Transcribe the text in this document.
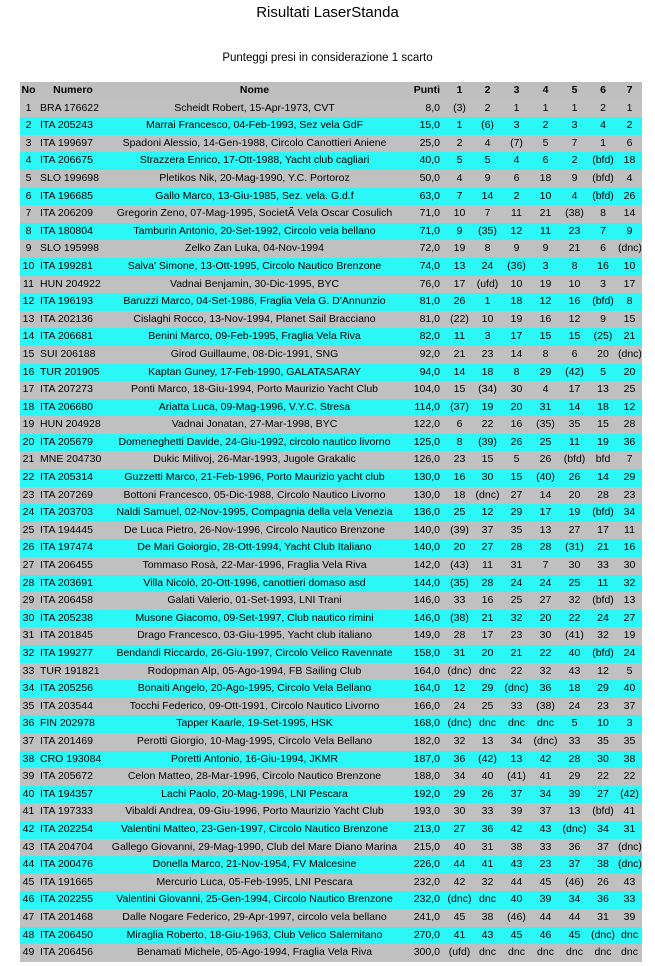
Risultati LaserStanda
Punteggi presi in considerazione 1 scarto
No	Numero	Nome	Punti	1	2	3	4	5	6	7
1	BRA 176622	Scheidt Robert, 15-Apr-1973, CVT	8,0	(3)	2	1	1	1	2	1
2	ITA 205243	Marrai Francesco, 04-Feb-1993, Sez vela GdF	15,0	1	(6)	3	2	3	4	2
3	ITA 199697	Spadoni Alessio, 14-Gen-1988, Circolo Canottieri Aniene	25,0	2	4	(7)	5	7	1	6
4	ITA 206675	Strazzera Enrico, 17-Ott-1988, Yacht club cagliari	40,0	5	5	4	6	2	(bfd)	18
5	SLO 199698	Pletikos Nik, 20-Mag-1990, Y.C. Portoroz	50,0	4	9	6	18	9	(bfd)	4
6	ITA 196685	Gallo Marco, 13-Giu-1985, Sez. vela. G.d.f	63,0	7	14	2	10	4	(bfd)	26
7	ITA 206209	Gregorin Zeno, 07-Mag-1995, SocietÃ Vela Oscar Cosulich	71,0	10	7	11	21	(38)	8	14
8	ITA 180804	Tamburin Antonio, 20-Set-1992, Circolo vela bellano	71,0	9	(35)	12	11	23	7	9
9	SLO 195998	Zelko Zan Luka, 04-Nov-1994	72,0	19	8	9	9	21	6	(dnc)
10	ITA 199281	Salva' Simone, 13-Ott-1995, Circolo Nautico Brenzone	74,0	13	24	(36)	3	8	16	10
11	HUN 204922	Vadnai Benjamin, 30-Dic-1995, BYC	76,0	17	(ufd)	10	19	10	3	17
12	ITA 196193	Baruzzi Marco, 04-Set-1986, Fraglia Vela G. D'Annunzio	81,0	26	1	18	12	16	(bfd)	8
13	ITA 202136	Cislaghi Rocco, 13-Nov-1994, Planet Sail Bracciano	81,0	(22)	10	19	16	12	9	15
14	ITA 206681	Benini Marco, 09-Feb-1995, Fraglia Vela Riva	82,0	11	3	17	15	15	(25)	21
15	SUI 206188	Girod Guillaume, 08-Dic-1991, SNG	92,0	21	23	14	8	6	20	(dnc)
16	TUR 201905	Kaptan Guney, 17-Feb-1990, GALATASARAY	94,0	14	18	8	29	(42)	5	20
17	ITA 207273	Ponti Marco, 18-Giu-1994, Porto Maurizio Yacht Club	104,0	15	(34)	30	4	17	13	25
18	ITA 206680	Ariatta Luca, 09-Mag-1996, V.Y.C. Stresa	114,0	(37)	19	20	31	14	18	12
19	HUN 204928	Vadnai Jonatan, 27-Mar-1998, BYC	122,0	6	22	16	(35)	35	15	28
20	ITA 205679	Domeneghetti Davide, 24-Giu-1992, circolo nautico livorno	125,0	8	(39)	26	25	11	19	36
21	MNE 204730	Dukic Milivoj, 26-Mar-1993, Jugole Grakalic	126,0	23	15	5	26	(bfd)	bfd	7
22	ITA 205314	Guzzetti Marco, 21-Feb-1996, Porto Maurizio yacht club	130,0	16	30	15	(40)	26	14	29
23	ITA 207269	Bottoni Francesco, 05-Dic-1988, Circolo Nautico Livorno	130,0	18	(dnc)	27	14	20	28	23
24	ITA 203703	Naldi Samuel, 02-Nov-1995, Compagnia della vela Venezia	136,0	25	12	29	17	19	(bfd)	34
25	ITA 194445	De Luca Pietro, 26-Nov-1996, Circolo Nautico Brenzone	140,0	(39)	37	35	13	27	17	11
26	ITA 197474	De Mari Goiorgio, 28-Ott-1994, Yacht Club Italiano	140,0	20	27	28	28	(31)	21	16
27	ITA 206455	Tommaso Rosà, 22-Mar-1996, Fraglia Vela Riva	142,0	(43)	11	31	7	30	33	30
28	ITA 203691	Villa Nicolò, 20-Ott-1996, canottieri domaso asd	144,0	(35)	28	24	24	25	11	32
29	ITA 206458	Galati Valerio, 01-Set-1993, LNI Trani	146,0	33	16	25	27	32	(bfd)	13
30	ITA 205238	Musone Giacomo, 09-Set-1997, Club nautico rimini	146,0	(38)	21	32	20	22	24	27
31	ITA 201845	Drago Francesco, 03-Giu-1995, Yacht club italiano	149,0	28	17	23	30	(41)	32	19
32	ITA 199277	Bendandi Riccardo, 26-Giu-1997, Circolo Velico Ravennate	158,0	31	20	21	22	40	(bfd)	24
33	TUR 191821	Rodopman Alp, 05-Ago-1994, FB Sailing Club	164,0	(dnc)	dnc	22	32	43	12	5
34	ITA 205256	Bonaiti Angelo, 20-Ago-1995, Circolo Vela Bellano	164,0	12	29	(dnc)	36	18	29	40
35	ITA 203544	Tocchi Federico, 09-Ott-1991, Circolo Nautico Livorno	166,0	24	25	33	(38)	24	23	37
36	FIN 202978	Tapper Kaarle, 19-Set-1995, HSK	168,0	(dnc)	dnc	dnc	dnc	5	10	3
37	ITA 201469	Perotti Giorgio, 10-Mag-1995, Circolo Vela Bellano	182,0	32	13	34	(dnc)	33	35	35
38	CRO 193084	Poretti Antonio, 16-Giu-1994, JKMR	187,0	36	(42)	13	42	28	30	38
39	ITA 205672	Celon Matteo, 28-Mar-1996, Circolo Nautico Brenzone	188,0	34	40	(41)	41	29	22	22
40	ITA 194357	Lachi Paolo, 20-Mag-1996, LNI Pescara	192,0	29	26	37	34	39	27	(42)
41	ITA 197333	Vibaldi Andrea, 09-Giu-1996, Porto Maurizio Yacht Club	193,0	30	33	39	37	13	(bfd)	41
42	ITA 202254	Valentini Matteo, 23-Gen-1997, Circolo Nautico Brenzone	213,0	27	36	42	43	(dnc)	34	31
43	ITA 204704	Gallego Giovanni, 29-Mag-1990, Club del Mare Diano Marina	215,0	40	31	38	33	36	37	(dnc)
44	ITA 200476	Donella Marco, 21-Nov-1954, FV Malcesine	226,0	44	41	43	23	37	38	(dnc)
45	ITA 191665	Mercurio Luca, 05-Feb-1995, LNI Pescara	232,0	42	32	44	45	(46)	26	43
46	ITA 202255	Valentini Giovanni, 25-Gen-1994, Circolo Nautico Brenzone	232,0	(dnc)	dnc	40	39	34	36	33
47	ITA 201468	Dalle Nogare Federico, 29-Apr-1997, circolo vela bellano	241,0	45	38	(46)	44	44	31	39
48	ITA 206450	Miraglia Roberto, 18-Giu-1963, Club Velico Salernitano	270,0	41	43	45	46	45	(dnc)	dnc
49	ITA 206456	Benamati Michele, 05-Ago-1994, Fraglia Vela Riva	300,0	(ufd)	dnc	dnc	dnc	dnc	dnc	dnc
